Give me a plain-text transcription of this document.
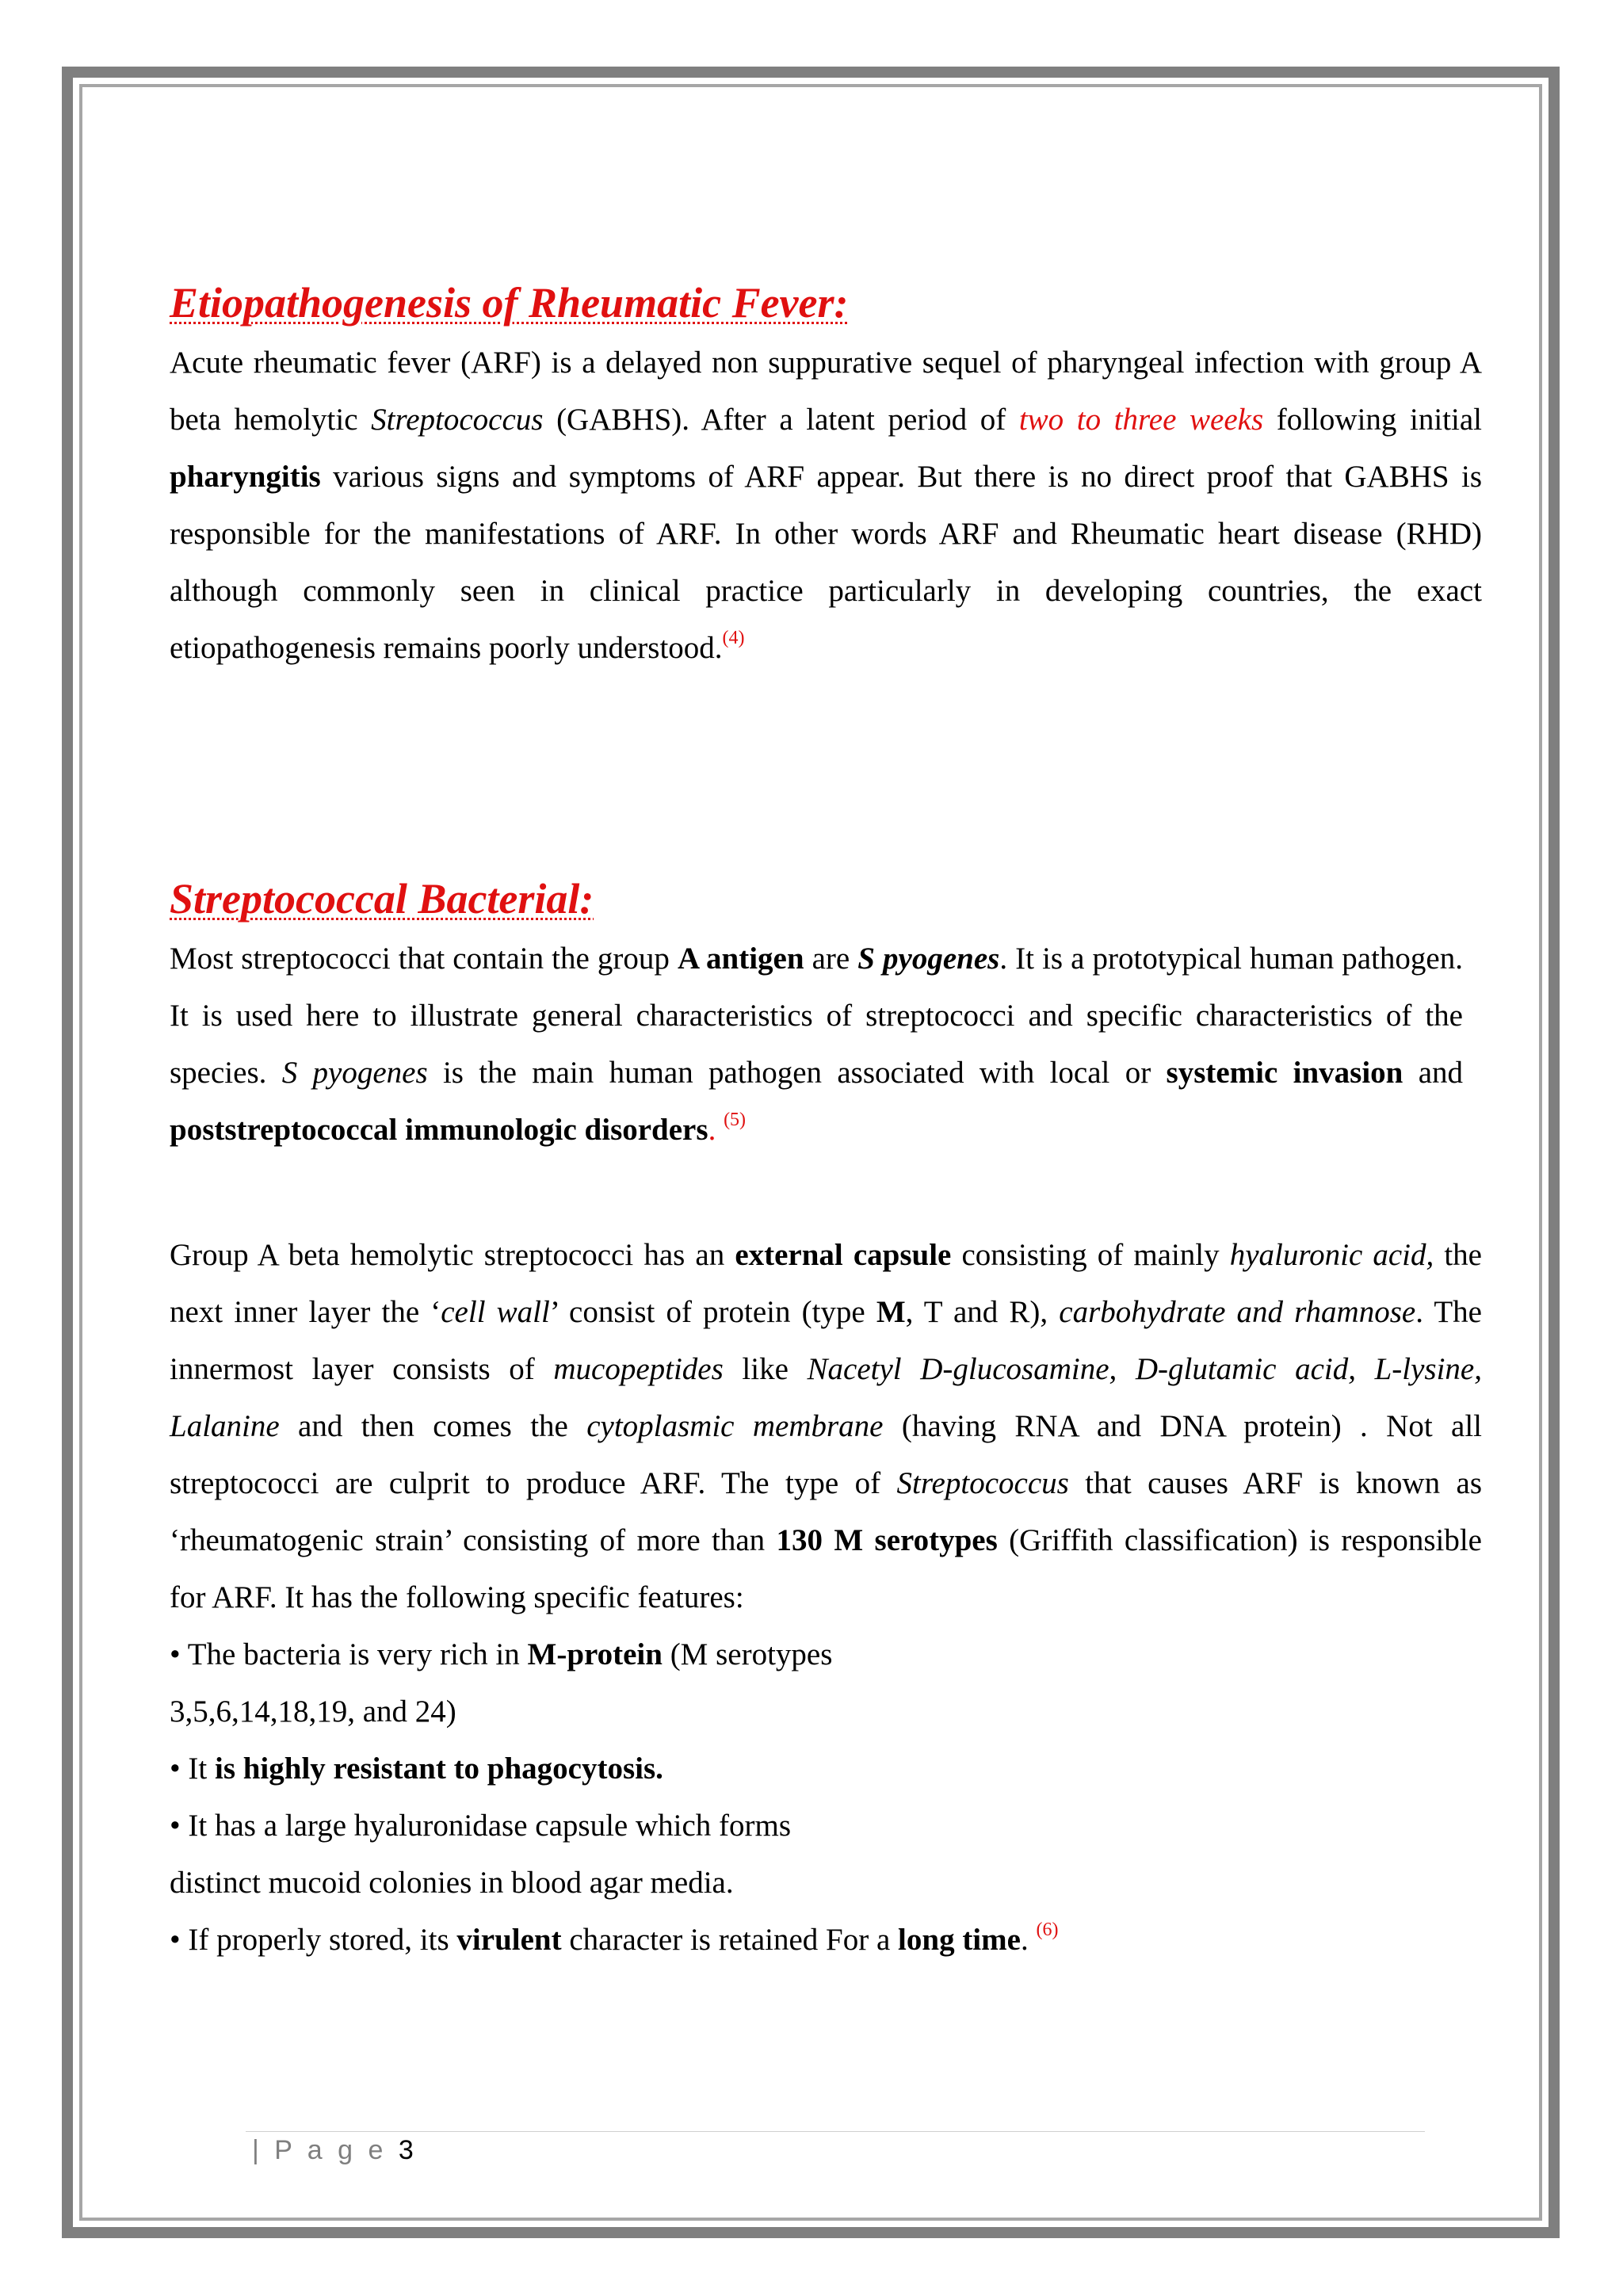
Etiopathogenesis of Rheumatic Fever:

Acute rheumatic fever (ARF) is a delayed non suppurative sequel of pharyngeal infection with group A beta hemolytic Streptococcus (GABHS). After a latent period of two to three weeks following initial pharyngitis various signs and symptoms of ARF appear. But there is no direct proof that GABHS is responsible for the manifestations of ARF. In other words ARF and Rheumatic heart disease (RHD) although commonly seen in clinical practice particularly in developing countries, the exact etiopathogenesis remains poorly understood.$^{(4)}$

Streptococcal Bacterial:

Most streptococci that contain the group A antigen are S pyogenes. It is a prototypical human pathogen. It is used here to illustrate general characteristics of streptococci and specific characteristics of the species. S pyogenes is the main human pathogen associated with local or systemic invasion and poststreptococcal immunologic disorders. $^{(5)}$

Group A beta hemolytic streptococci has an external capsule consisting of mainly hyaluronic acid, the next inner layer the ‘cell wall’ consist of protein (type M, T and R), carbohydrate and rhamnose. The innermost layer consists of mucopeptides like Nacetyl D-glucosamine, D-glutamic acid, L-lysine, Lalanine and then comes the cytoplasmic membrane (having RNA and DNA protein) . Not all streptococci are culprit to produce ARF. The type of Streptococcus that causes ARF is known as ‘rheumatogenic strain’ consisting of more than 130 M serotypes (Griffith classification) is responsible for ARF. It has the following specific features:

• The bacteria is very rich in M-protein (M serotypes
3,5,6,14,18,19, and 24)
• It is highly resistant to phagocytosis.
• It has a large hyaluronidase capsule which forms
distinct mucoid colonies in blood agar media.
• If properly stored, its virulent character is retained For a long time. $^{(6)}$
| P a g e 3
